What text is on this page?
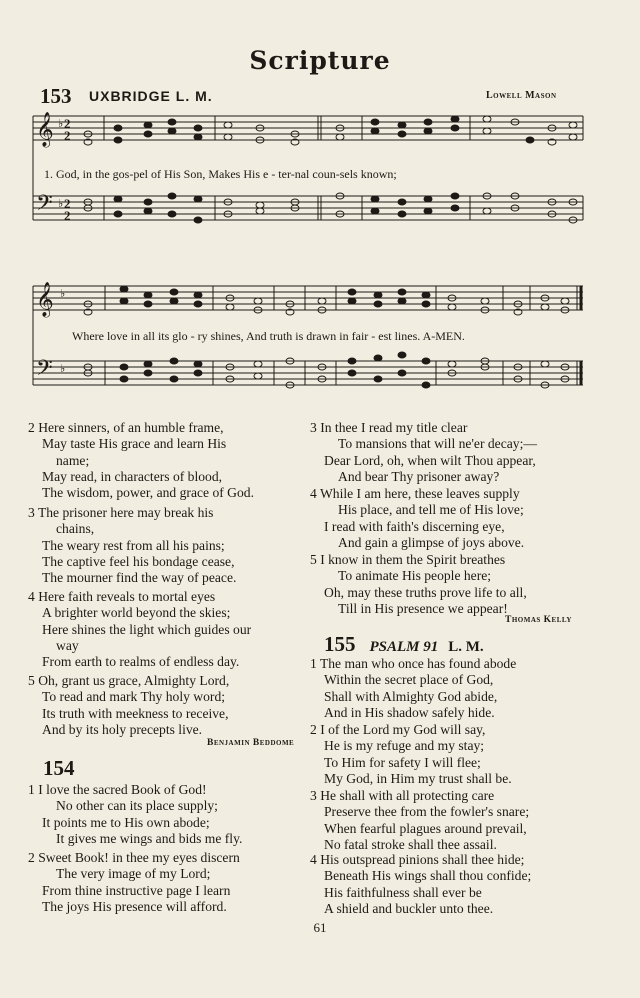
Scripture
153 UXBRIDGE L. M.	Lowell Mason
𝄞
𝄢
♭
♭
2
2
2
2
1. God, in the gos-pel of His Son, Makes His e - ter-nal coun-sels known;
𝄞
𝄢
♭
♭
Where love in all its glo - ry shines, And truth is drawn in fair - est lines. A-MEN.
2 Here sinners, of an humble frame,
May taste His grace and learn His
name;
May read, in characters of blood,
The wisdom, power, and grace of God.
3 The prisoner here may break his
chains,
The weary rest from all his pains;
The captive feel his bondage cease,
The mourner find the way of peace.
4 Here faith reveals to mortal eyes
A brighter world beyond the skies;
Here shines the light which guides our
way
From earth to realms of endless day.
5 Oh, grant us grace, Almighty Lord,
To read and mark Thy holy word;
Its truth with meekness to receive,
And by its holy precepts live.
Benjamin Beddome
154
1 I love the sacred Book of God!
No other can its place supply;
It points me to His own abode;
It gives me wings and bids me fly.
2 Sweet Book! in thee my eyes discern
The very image of my Lord;
From thine instructive page I learn
The joys His presence will afford.
3 In thee I read my title clear
To mansions that will ne'er decay;—
Dear Lord, oh, when wilt Thou appear,
And bear Thy prisoner away?
4 While I am here, these leaves supply
His place, and tell me of His love;
I read with faith's discerning eye,
And gain a glimpse of joys above.
5 I know in them the Spirit breathes
To animate His people here;
Oh, may these truths prove life to all,
Till in His presence we appear!
Thomas Kelly
155 PSALM 91 L. M.
1 The man who once has found abode
Within the secret place of God,
Shall with Almighty God abide,
And in His shadow safely hide.
2 I of the Lord my God will say,
He is my refuge and my stay;
To Him for safety I will flee;
My God, in Him my trust shall be.
3 He shall with all protecting care
Preserve thee from the fowler's snare;
When fearful plagues around prevail,
No fatal stroke shall thee assail.
4 His outspread pinions shall thee hide;
Beneath His wings shall thou confide;
His faithfulness shall ever be
A shield and buckler unto thee.
61
